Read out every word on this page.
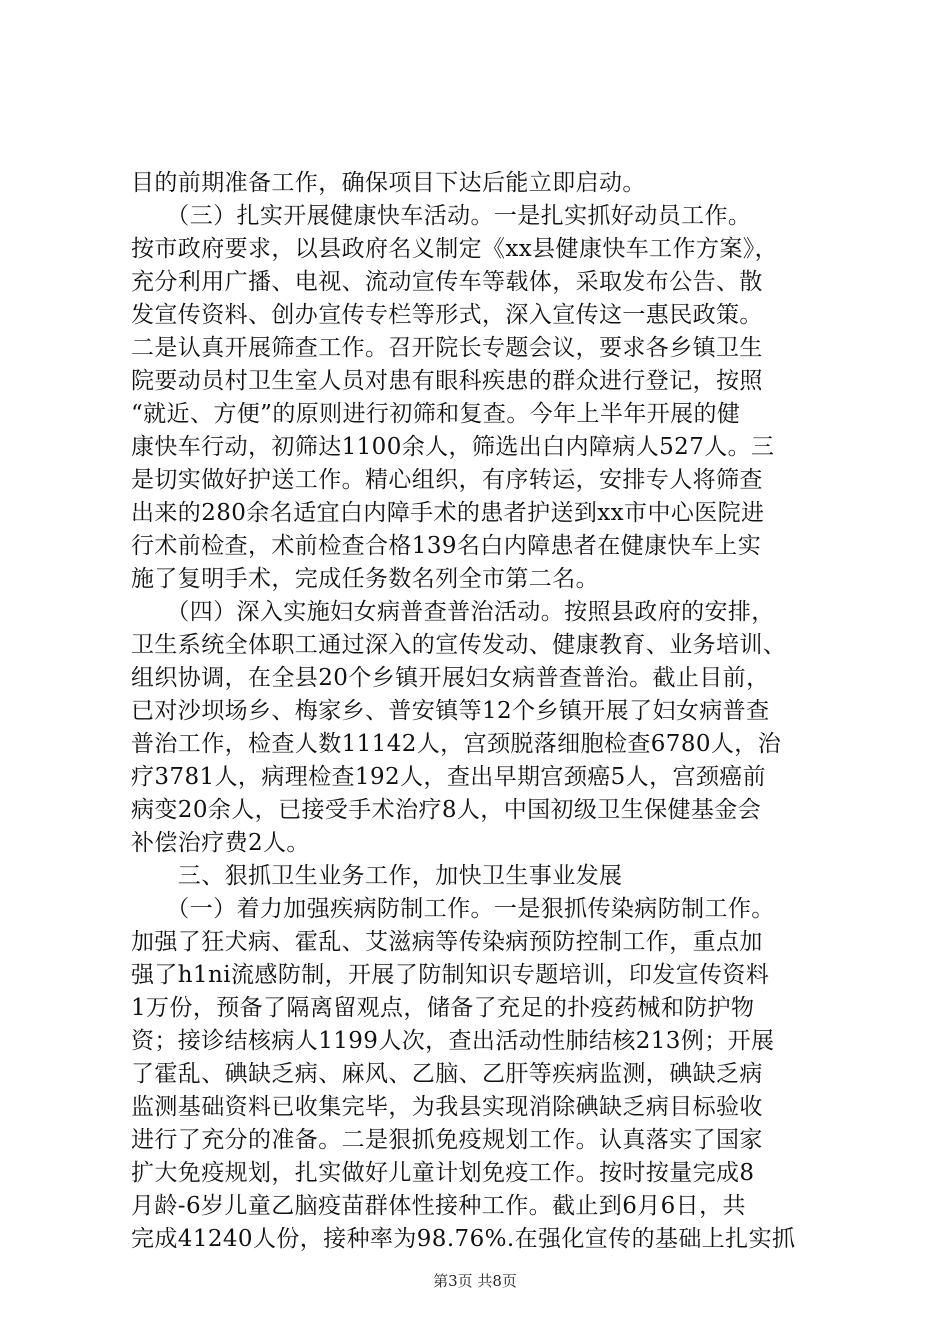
目的前期准备工作，确保项目下达后能立即启动。
　　（三）扎实开展健康快车活动。一是扎实抓好动员工作。
按市政府要求，以县政府名义制定《xx县健康快车工作方案》，
充分利用广播、电视、流动宣传车等载体，采取发布公告、散
发宣传资料、创办宣传专栏等形式，深入宣传这一惠民政策。
二是认真开展筛查工作。召开院长专题会议，要求各乡镇卫生
院要动员村卫生室人员对患有眼科疾患的群众进行登记，按照
“就近、方便”的原则进行初筛和复查。今年上半年开展的健
康快车行动，初筛达1100余人，筛选出白内障病人527人。三
是切实做好护送工作。精心组织，有序转运，安排专人将筛查
出来的280余名适宜白内障手术的患者护送到xx市中心医院进
行术前检查，术前检查合格139名白内障患者在健康快车上实
施了复明手术，完成任务数名列全市第二名。
　　（四）深入实施妇女病普查普治活动。按照县政府的安排，
卫生系统全体职工通过深入的宣传发动、健康教育、业务培训、
组织协调，在全县20个乡镇开展妇女病普查普治。截止目前，
已对沙坝场乡、梅家乡、普安镇等12个乡镇开展了妇女病普查
普治工作，检查人数11142人，宫颈脱落细胞检查6780人，治
疗3781人，病理检查192人，查出早期宫颈癌5人，宫颈癌前
病变20余人，已接受手术治疗8人，中国初级卫生保健基金会
补偿治疗费2人。
　　三、狠抓卫生业务工作，加快卫生事业发展
　　（一）着力加强疾病防制工作。一是狠抓传染病防制工作。
加强了狂犬病、霍乱、艾滋病等传染病预防控制工作，重点加
强了h1ni流感防制，开展了防制知识专题培训，印发宣传资料
1万份，预备了隔离留观点，储备了充足的扑疫药械和防护物
资；接诊结核病人1199人次，查出活动性肺结核213例；开展
了霍乱、碘缺乏病、麻风、乙脑、乙肝等疾病监测，碘缺乏病
监测基础资料已收集完毕，为我县实现消除碘缺乏病目标验收
进行了充分的准备。二是狠抓免疫规划工作。认真落实了国家
扩大免疫规划，扎实做好儿童计划免疫工作。按时按量完成8
月龄-6岁儿童乙脑疫苗群体性接种工作。截止到6月6日，共
完成41240人份，接种率为98.76%.在强化宣传的基础上扎实抓
第3页 共8页
